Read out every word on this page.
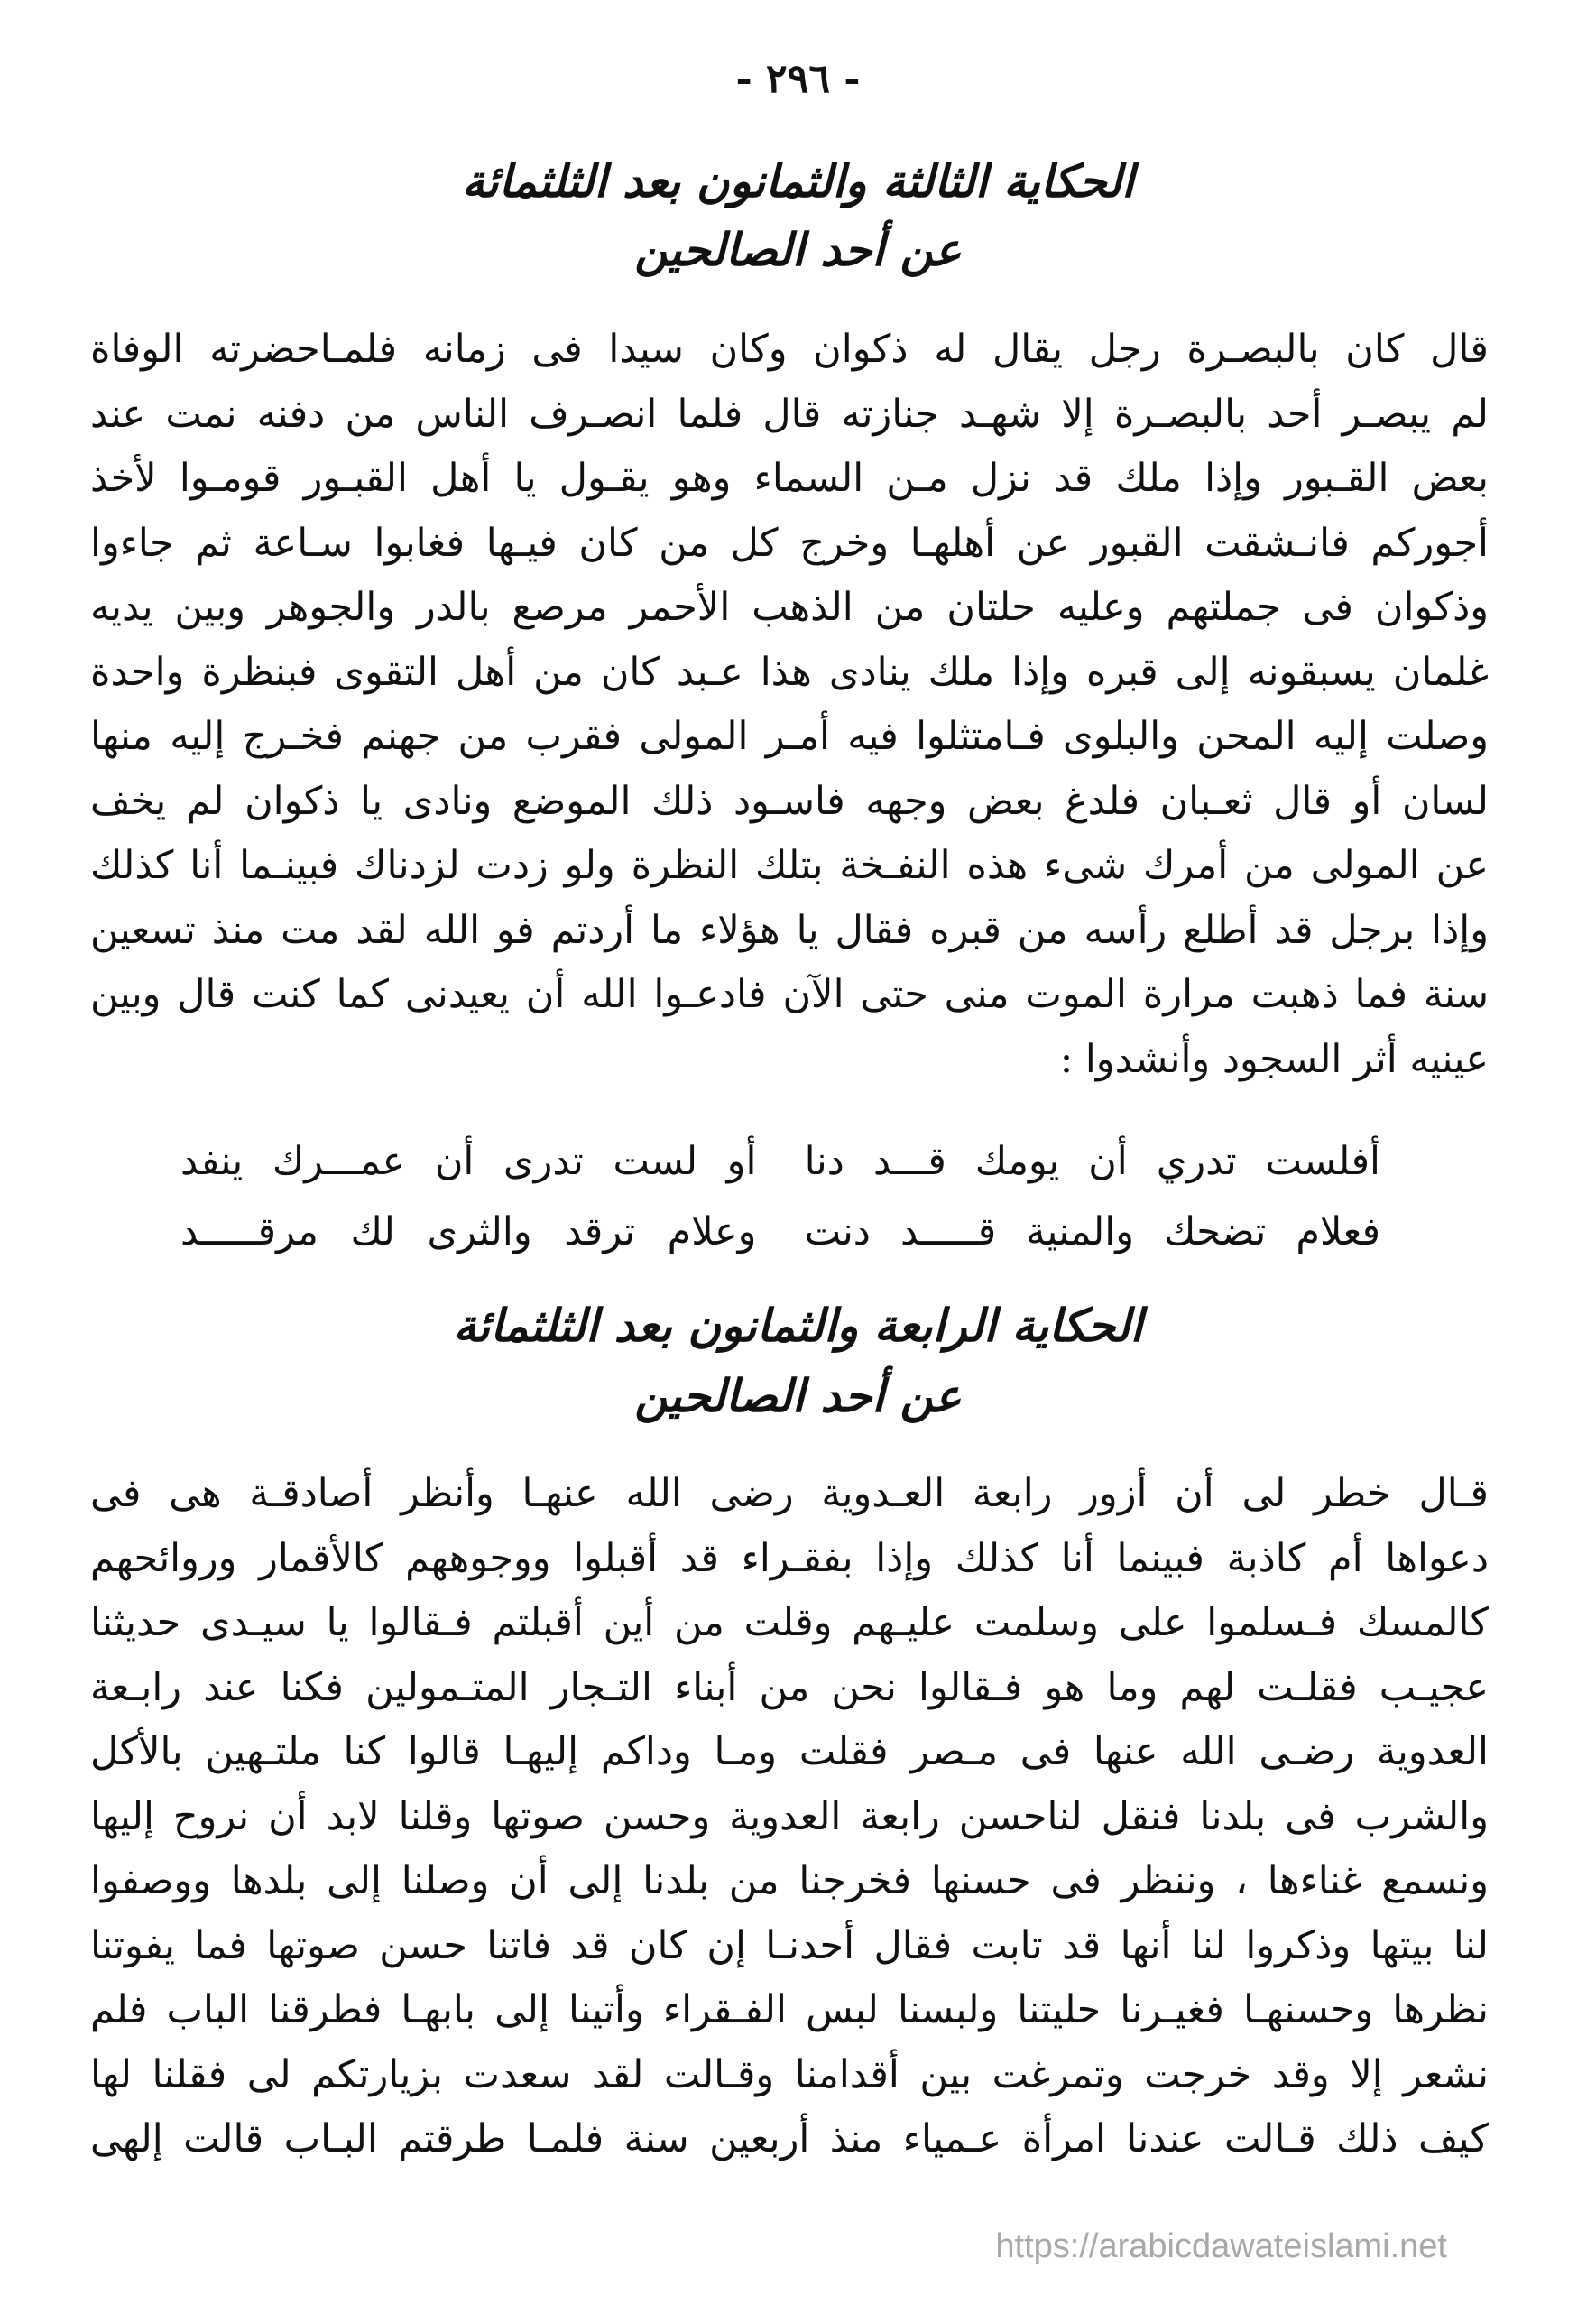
- ٢٩٦ -
الحكاية الثالثة والثمانون بعد الثلثمائة
عن أحد الصالحين
قال كان بالبصـرة رجل يقال له ذكوان وكان سيدا فى زمانه فلمـاحضرته الوفاة
لم يبصـر أحد بالبصـرة إلا شهـد جنازته قال فلما انصـرف الناس من دفنه نمت عند
بعض القـبور وإذا ملك قد نزل مـن السماء وهو يقـول يا أهل القبـور قومـوا لأخذ
أجوركم فانـشقت القبور عن أهلهـا وخرج كل من كان فيـها فغابوا سـاعة ثم جاءوا
وذكوان فى جملتهم وعليه حلتان من الذهب الأحمر مرصع بالدر والجوهر وبين يديه
غلمان يسبقونه إلى قبره وإذا ملك ينادى هذا عـبد كان من أهل التقوى فبنظرة واحدة
وصلت إليه المحن والبلوى فـامتثلوا فيه أمـر المولى فقرب من جهنم فخـرج إليه منها
لسان أو قال ثعـبان فلدغ بعض وجهه فاسـود ذلك الموضع ونادى يا ذكوان لم يخف
عن المولى من أمرك شىء هذه النفـخة بتلك النظرة ولو زدت لزدناك فبينـما أنا كذلك
وإذا برجل قد أطلع رأسه من قبره فقال يا هؤلاء ما أردتم فو الله لقد مت منذ تسعين
سنة فما ذهبت مرارة الموت منى حتى الآن فادعـوا الله أن يعيدنى كما كنت قال وبين
عينيه أثر السجود وأنشدوا :
أفلست تدري أن يومك قـــد دنا
أو لست تدرى أن عمـــرك ينفد
فعلام تضحك والمنية قـــــد دنت
وعلام ترقد والثرى لك مرقـــــد
الحكاية الرابعة والثمانون بعد الثلثمائة
عن أحد الصالحين
قـال خطر لى أن أزور رابعة العـدوية رضى الله عنهـا وأنظر أصادقـة هى فى
دعواها أم كاذبة فبينما أنا كذلك وإذا بفقـراء قد أقبلوا ووجوههم كالأقمار وروائحهم
كالمسك فـسلموا على وسلمت عليـهم وقلت من أين أقبلتم فـقالوا يا سيـدى حديثنا
عجيـب فقلـت لهم وما هو فـقالوا نحن من أبناء التـجار المتـمولين فكنا عند رابـعة
العدوية رضـى الله عنها فى مـصر فقلت ومـا وداكم إليهـا قالوا كنا ملتـهين بالأكل
والشرب فى بلدنا فنقل لناحسن رابعة العدوية وحسن صوتها وقلنا لابد أن نروح إليها
ونسمع غناءها ، وننظر فى حسنها فخرجنا من بلدنا إلى أن وصلنا إلى بلدها ووصفوا
لنا بيتها وذكروا لنا أنها قد تابت فقال أحدنـا إن كان قد فاتنا حسن صوتها فما يفوتنا
نظرها وحسنهـا فغيـرنا حليتنا ولبسنا لبس الفـقراء وأتينا إلى بابهـا فطرقنا الباب فلم
نشعر إلا وقد خرجت وتمرغت بين أقدامنا وقـالت لقد سعدت بزيارتكم لى فقلنا لها
كيف ذلك قـالت عندنا امرأة عـمياء منذ أربعين سنة فلمـا طرقتم البـاب قالت إلهى
https://arabicdawateislami.net
